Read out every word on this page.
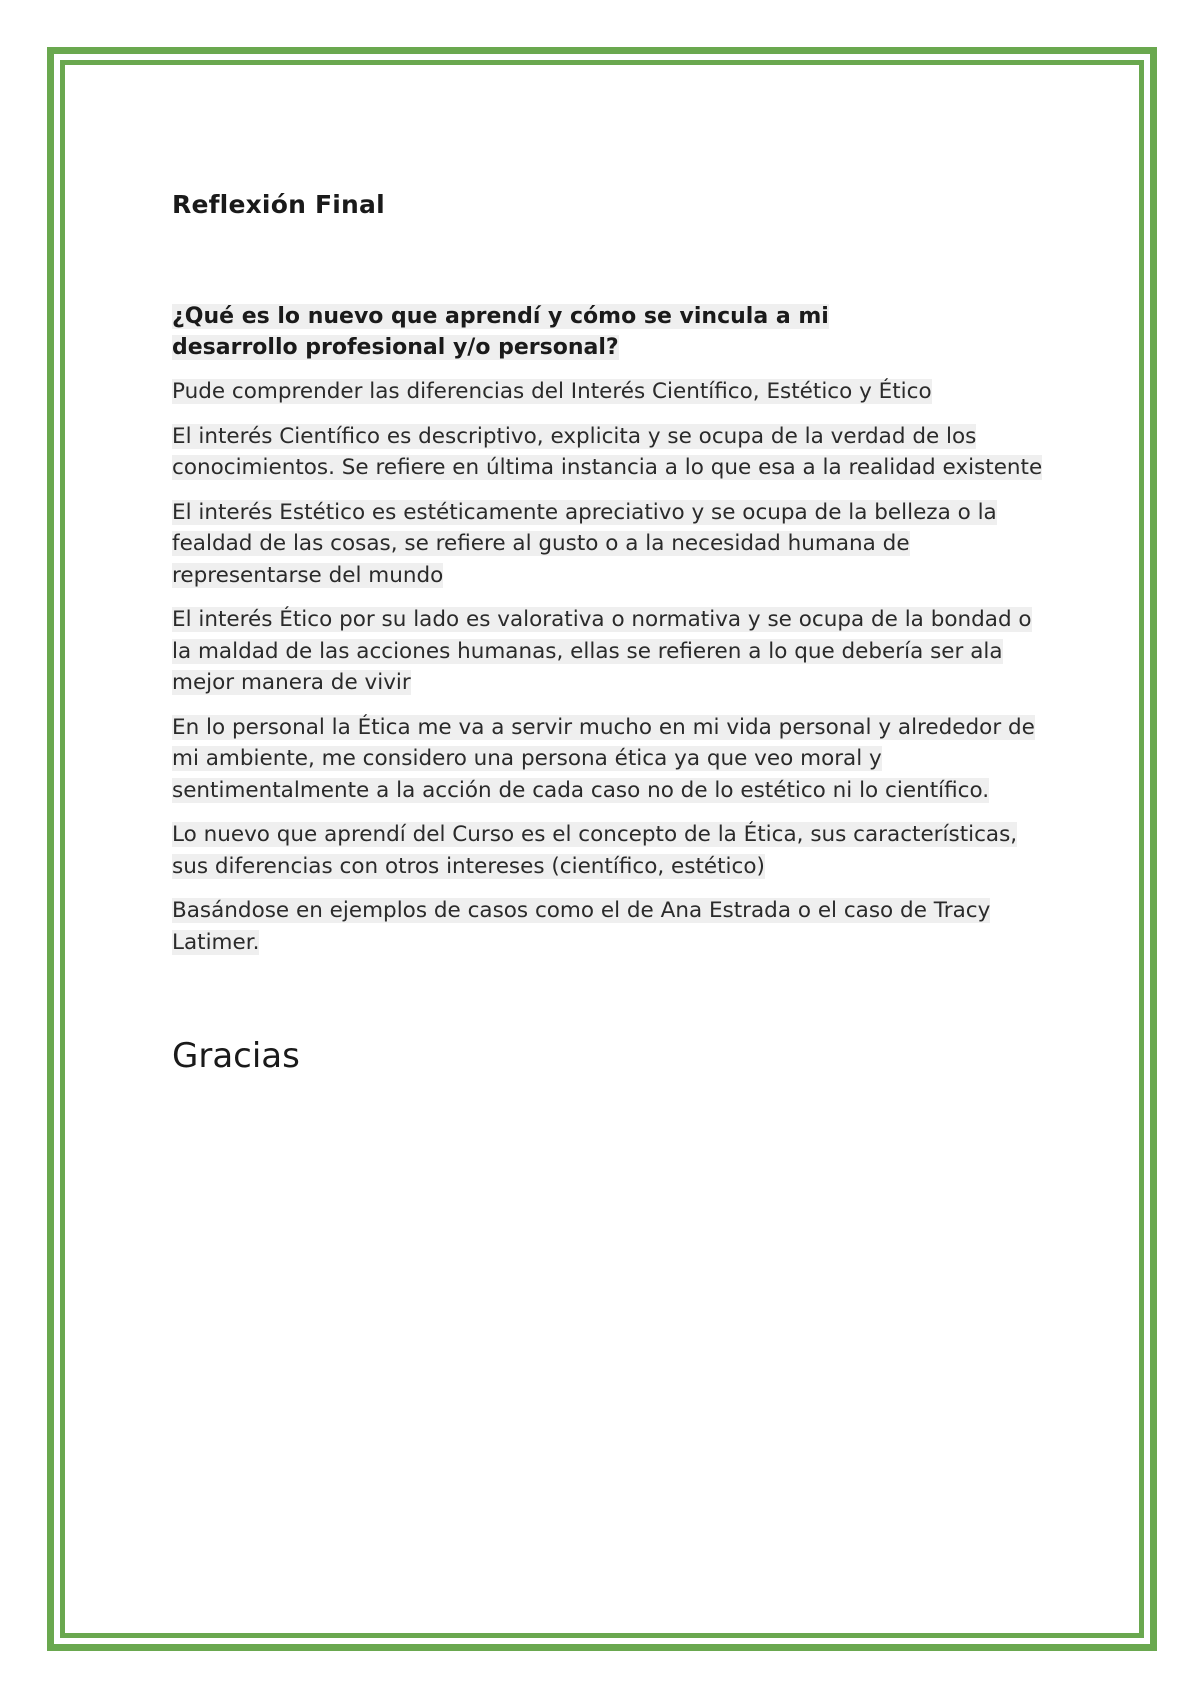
Reflexión Final

¿Qué es lo nuevo que aprendí y cómo se vincula a mi desarrollo profesional y/o personal?

Pude comprender las diferencias del Interés Científico, Estético y Ético

El interés Científico es descriptivo, explicita y se ocupa de la verdad de los conocimientos. Se refiere en última instancia a lo que esa a la realidad existente

El interés Estético es estéticamente apreciativo y se ocupa de la belleza o la fealdad de las cosas, se refiere al gusto o a la necesidad humana de representarse del mundo

El interés Ético por su lado es valorativa o normativa y se ocupa de la bondad o la maldad de las acciones humanas, ellas se refieren a lo que debería ser ala mejor manera de vivir

En lo personal la Ética me va a servir mucho en mi vida personal y alrededor de mi ambiente, me considero una persona ética ya que veo moral y sentimentalmente a la acción de cada caso no de lo estético ni lo científico.

Lo nuevo que aprendí del Curso es el concepto de la Ética, sus características, sus diferencias con otros intereses (científico, estético)

Basándose en ejemplos de casos como el de Ana Estrada o el caso de Tracy Latimer.

Gracias
